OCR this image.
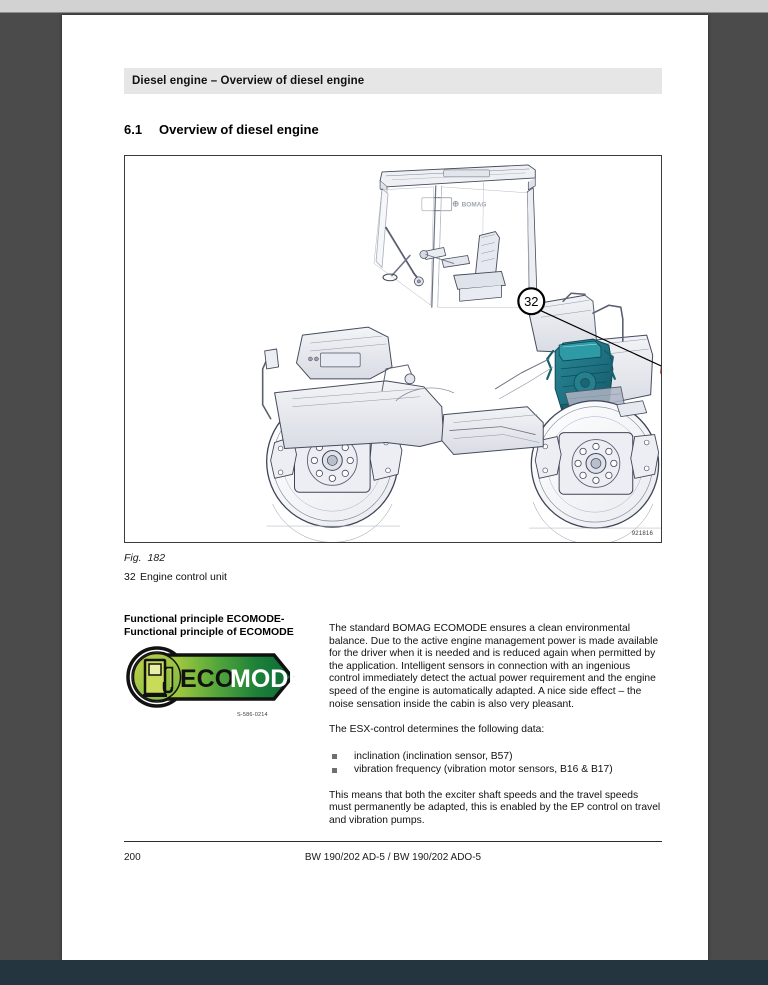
Diesel engine – Overview of diesel engine
6.1	Overview of diesel engine
BOMAG
32
921816
Fig. 182
32 Engine control unit
Functional principle ECOMODE-
Functional principle of ECOMODE
ECO
MODE
S-586-0214

The standard BOMAG ECOMODE ensures a clean environmental balance. Due to the active engine management power is made available for the driver when it is needed and is reduced again when permitted by the application. Intelligent sensors in connection with an ingenious control immediately detect the actual power requirement and the engine speed of the engine is automatically adapted. A nice side effect – the noise sensation inside the cabin is also very pleasant.

The ESX-control determines the following data:

inclination (inclination sensor, B57)
vibration frequency (vibration motor sensors, B16 & B17)

This means that both the exciter shaft speeds and the travel speeds must permanently be adapted, this is enabled by the EP control on travel and vibration pumps.

200	BW 190/202 AD-5 / BW 190/202 ADO-5
